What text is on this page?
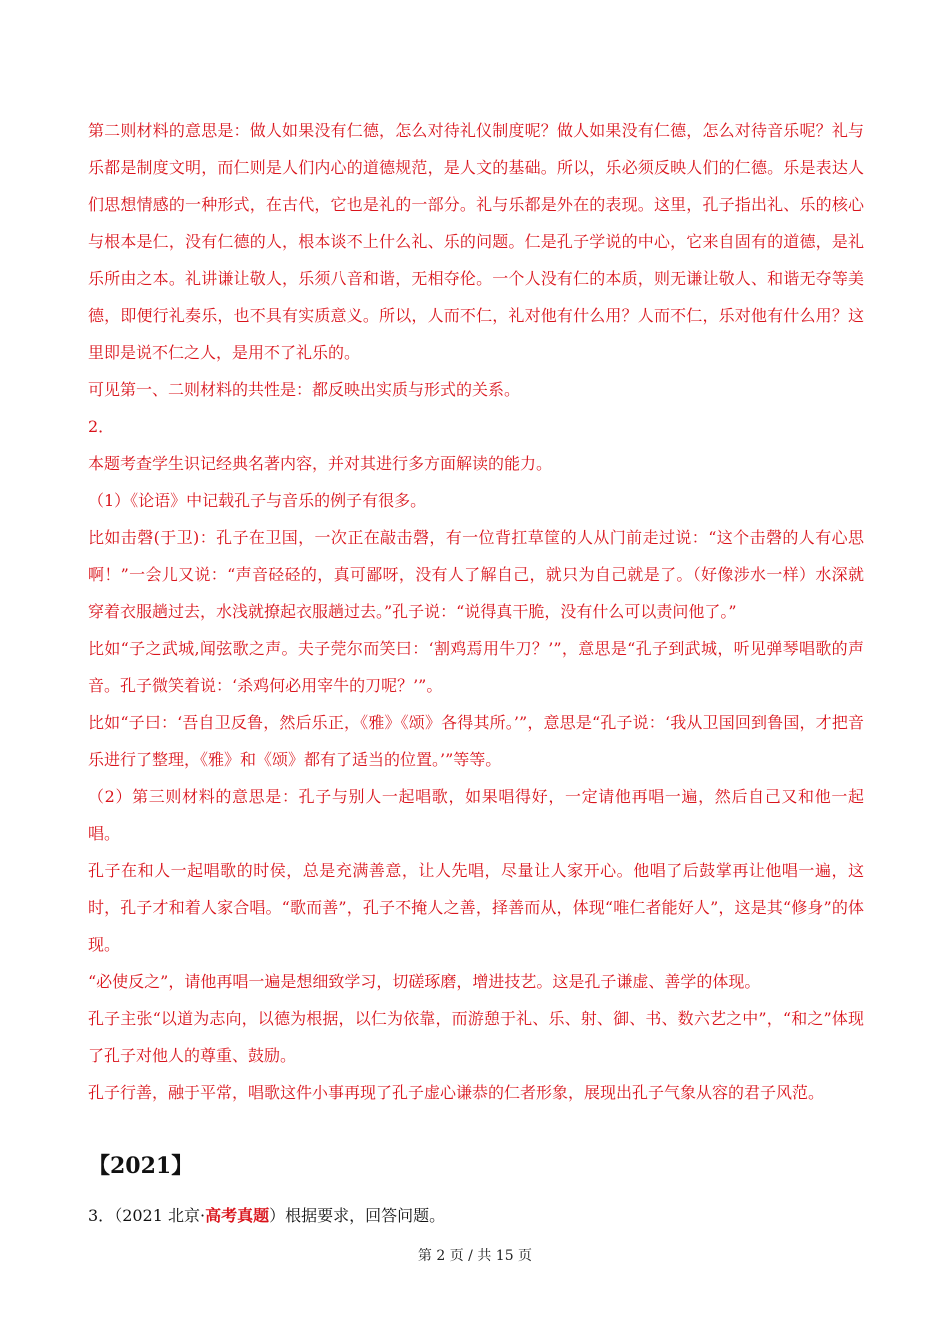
第二则材料的意思是：做人如果没有仁德，怎么对待礼仪制度呢？做人如果没有仁德，怎么对待音乐呢？礼与乐都是制度文明，而仁则是人们内心的道德规范，是人文的基础。所以，乐必须反映人们的仁德。乐是表达人们思想情感的一种形式，在古代，它也是礼的一部分。礼与乐都是外在的表现。这里，孔子指出礼、乐的核心与根本是仁，没有仁德的人，根本谈不上什么礼、乐的问题。仁是孔子学说的中心，它来自固有的道德，是礼乐所由之本。礼讲谦让敬人，乐须八音和谐，无相夺伦。一个人没有仁的本质，则无谦让敬人、和谐无夺等美德，即便行礼奏乐，也不具有实质意义。所以，人而不仁，礼对他有什么用？人而不仁，乐对他有什么用？这里即是说不仁之人，是用不了礼乐的。

可见第一、二则材料的共性是：都反映出实质与形式的关系。

2．

本题考查学生识记经典名著内容，并对其进行多方面解读的能力。

（1）《论语》中记载孔子与音乐的例子有很多。

比如击磬(于卫)：孔子在卫国，一次正在敲击磬，有一位背扛草筐的人从门前走过说：“这个击磬的人有心思啊！”一会儿又说：“声音硁硁的，真可鄙呀，没有人了解自己，就只为自己就是了。（好像涉水一样）水深就穿着衣服趟过去，水浅就撩起衣服趟过去。”孔子说：“说得真干脆，没有什么可以责问他了。”

比如“子之武城,闻弦歌之声。夫子莞尔而笑曰：‘割鸡焉用牛刀？’”，意思是“孔子到武城，听见弹琴唱歌的声音。孔子微笑着说：‘杀鸡何必用宰牛的刀呢？’”。

比如“子曰：‘吾自卫反鲁，然后乐正，《雅》《颂》各得其所。’”，意思是“孔子说：‘我从卫国回到鲁国，才把音乐进行了整理，《雅》和《颂》都有了适当的位置。’”等等。

（2）第三则材料的意思是：孔子与别人一起唱歌，如果唱得好，一定请他再唱一遍，然后自己又和他一起唱。

孔子在和人一起唱歌的时侯，总是充满善意，让人先唱，尽量让人家开心。他唱了后鼓掌再让他唱一遍，这时，孔子才和着人家合唱。“歌而善”，孔子不掩人之善，择善而从，体现“唯仁者能好人”，这是其“修身”的体现。

“必使反之”，请他再唱一遍是想细致学习，切磋琢磨，增进技艺。这是孔子谦虚、善学的体现。

孔子主张“以道为志向，以德为根据，以仁为依靠，而游憩于礼、乐、射、御、书、数六艺之中”，“和之”体现了孔子对他人的尊重、鼓励。

孔子行善，融于平常，唱歌这件小事再现了孔子虚心谦恭的仁者形象，展现出孔子气象从容的君子风范。

【2021】

3．（2021 北京·高考真题）根据要求，回答问题。

第 2 页 / 共 15 页
